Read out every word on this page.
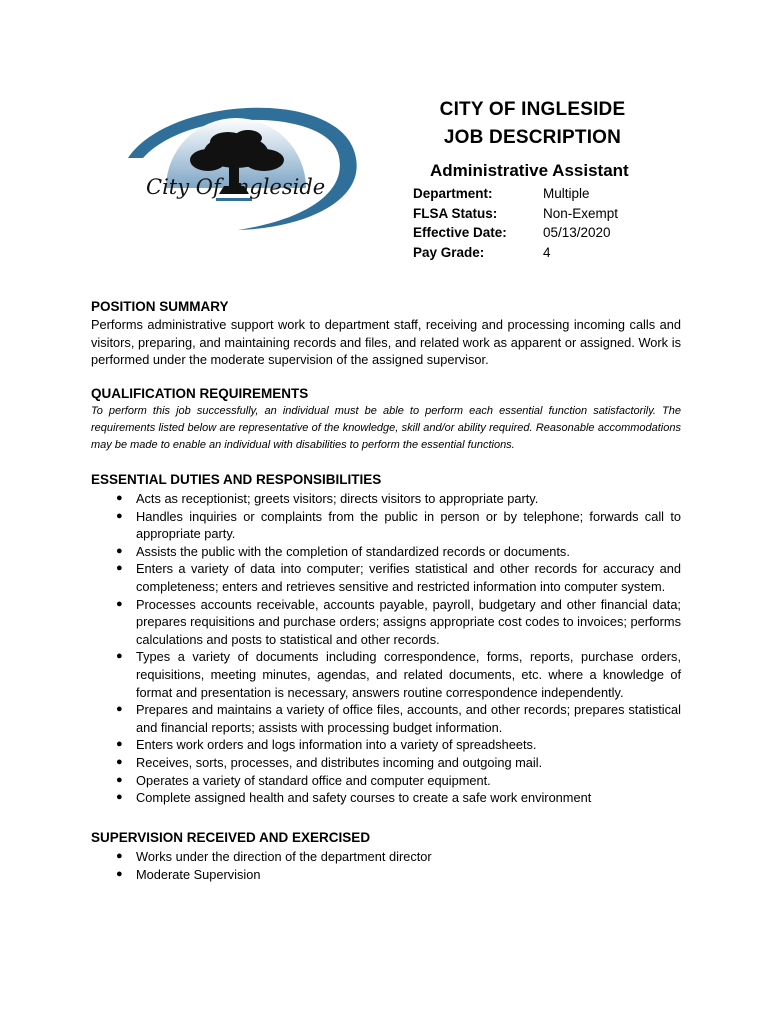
City Of Ingleside
CITY OF INGLESIDE
JOB DESCRIPTION
Administrative Assistant
Department:	Multiple
FLSA Status:	Non-Exempt
Effective Date:	05/13/2020
Pay Grade:	4
POSITION SUMMARY
Performs administrative support work to department staff, receiving and processing incoming calls and visitors, preparing, and maintaining records and files, and related work as apparent or assigned. Work is performed under the moderate supervision of the assigned supervisor.
QUALIFICATION REQUIREMENTS
To perform this job successfully, an individual must be able to perform each essential function satisfactorily. The requirements listed below are representative of the knowledge, skill and/or ability required. Reasonable accommodations may be made to enable an individual with disabilities to perform the essential functions.
ESSENTIAL DUTIES AND RESPONSIBILITIES
● Acts as receptionist; greets visitors; directs visitors to appropriate party.
● Handles inquiries or complaints from the public in person or by telephone; forwards call to appropriate party.
● Assists the public with the completion of standardized records or documents.
● Enters a variety of data into computer; verifies statistical and other records for accuracy and completeness; enters and retrieves sensitive and restricted information into computer system.
● Processes accounts receivable, accounts payable, payroll, budgetary and other financial data; prepares requisitions and purchase orders; assigns appropriate cost codes to invoices; performs calculations and posts to statistical and other records.
● Types a variety of documents including correspondence, forms, reports, purchase orders, requisitions, meeting minutes, agendas, and related documents, etc. where a knowledge of format and presentation is necessary, answers routine correspondence independently.
● Prepares and maintains a variety of office files, accounts, and other records; prepares statistical and financial reports; assists with processing budget information.
● Enters work orders and logs information into a variety of spreadsheets.
● Receives, sorts, processes, and distributes incoming and outgoing mail.
● Operates a variety of standard office and computer equipment.
● Complete assigned health and safety courses to create a safe work environment
SUPERVISION RECEIVED AND EXERCISED
● Works under the direction of the department director
● Moderate Supervision
